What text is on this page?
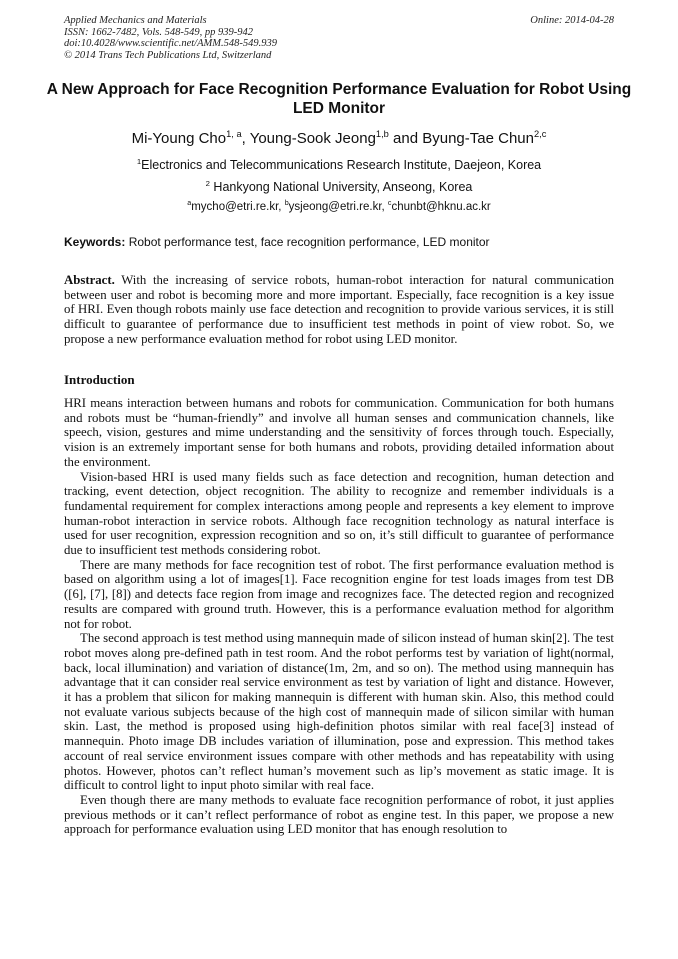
Applied Mechanics and Materials
ISSN: 1662-7482, Vols. 548-549, pp 939-942
doi:10.4028/www.scientific.net/AMM.548-549.939
© 2014 Trans Tech Publications Ltd, Switzerland
Online: 2014-04-28
A New Approach for Face Recognition Performance Evaluation for Robot Using LED Monitor
Mi-Young Cho$^{1, a}$, Young-Sook Jeong$^{1,b}$ and Byung-Tae Chun$^{2,c}$
$^1$Electronics and Telecommunications Research Institute, Daejeon, Korea
$^2$ Hankyong National University, Anseong, Korea
$^a$mycho@etri.re.kr, $^b$ysjeong@etri.re.kr, $^c$chunbt@hknu.ac.kr
Keywords: Robot performance test, face recognition performance, LED monitor

Abstract. With the increasing of service robots, human-robot interaction for natural communication between user and robot is becoming more and more important. Especially, face recognition is a key issue of HRI. Even though robots mainly use face detection and recognition to provide various services, it is still difficult to guarantee of performance due to insufficient test methods in point of view robot. So, we propose a new performance evaluation method for robot using LED monitor.

Introduction

HRI means interaction between humans and robots for communication. Communication for both humans and robots must be “human-friendly” and involve all human senses and communication channels, like speech, vision, gestures and mime understanding and the sensitivity of forces through touch. Especially, vision is an extremely important sense for both humans and robots, providing detailed information about the environment.

Vision-based HRI is used many fields such as face detection and recognition, human detection and tracking, event detection, object recognition. The ability to recognize and remember individuals is a fundamental requirement for complex interactions among people and represents a key element to improve human-robot interaction in service robots. Although face recognition technology as natural interface is used for user recognition, expression recognition and so on, it’s still difficult to guarantee of performance due to insufficient test methods considering robot.

There are many methods for face recognition test of robot. The first performance evaluation method is based on algorithm using a lot of images[1]. Face recognition engine for test loads images from test DB ([6], [7], [8]) and detects face region from image and recognizes face. The detected region and recognized results are compared with ground truth. However, this is a performance evaluation method for algorithm not for robot.

The second approach is test method using mannequin made of silicon instead of human skin[2]. The test robot moves along pre-defined path in test room. And the robot performs test by variation of light(normal, back, local illumination) and variation of distance(1m, 2m, and so on). The method using mannequin has advantage that it can consider real service environment as test by variation of light and distance. However, it has a problem that silicon for making mannequin is different with human skin. Also, this method could not evaluate various subjects because of the high cost of mannequin made of silicon similar with human skin. Last, the method is proposed using high-definition photos similar with real face[3] instead of mannequin. Photo image DB includes variation of illumination, pose and expression. This method takes account of real service environment issues compare with other methods and has repeatability with using photos. However, photos can’t reflect human’s movement such as lip’s movement as static image. It is difficult to control light to input photo similar with real face.

Even though there are many methods to evaluate face recognition performance of robot, it just applies previous methods or it can’t reflect performance of robot as engine test. In this paper, we propose a new approach for performance evaluation using LED monitor that has enough resolution to
